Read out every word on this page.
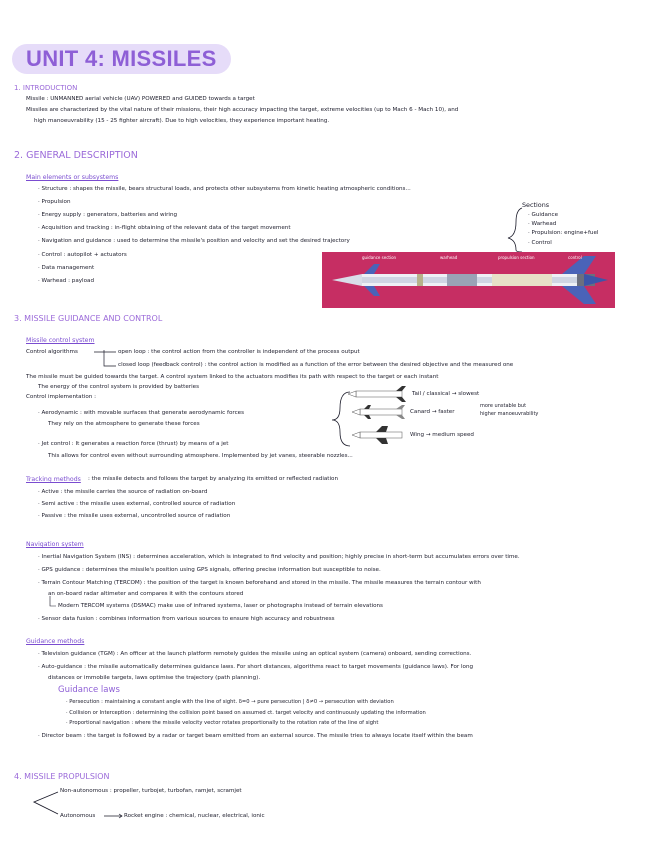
UNIT 4: MISSILES
1. INTRODUCTION
Missile : UNMANNED aerial vehicle (UAV) POWERED and GUIDED towards a target
Missiles are characterized by the vital nature of their missions, their high accuracy impacting the target, extreme velocities (up to Mach 6 - Mach 10), and
high manoeuvrability (15 - 25 fighter aircraft). Due to high velocities, they experience important heating.
2. GENERAL DESCRIPTION
Main elements or subsystems
· Structure : shapes the missile, bears structural loads, and protects other subsystems from kinetic heating atmospheric conditions...
· Propulsion
· Energy supply : generators, batteries and wiring
· Acquisition and tracking : in-flight obtaining of the relevant data of the target movement
· Navigation and guidance : used to determine the missile's position and velocity and set the desired trajectory
· Control : autopilot + actuators
· Data management
· Warhead : payload
Sections
· Guidance
· Warhead
· Propulsion: engine+fuel
· Control
guidance section	warhead	propulsion section	control
3. MISSILE GUIDANCE AND CONTROL
Missile control system
Control algorithms	open loop : the control action from the controller is independent of the process output
closed loop (feedback control) : the control action is modified as a function of the error between the desired objective and the measured one
The missile must be guided towards the target. A control system linked to the actuators modifies its path with respect to the target or each instant
The energy of the control system is provided by batteries
Control implementation :
· Aerodynamic : with movable surfaces that generate aerodynamic forces
They rely on the atmosphere to generate these forces
· Jet control : It generates a reaction force (thrust) by means of a jet
This allows for control even without surrounding atmosphere. Implemented by jet vanes, steerable nozzles...
Tail / classical → slowest
Canard → faster
more unstable but
higher manoeuvrability
Wing → medium speed
Tracking methods : the missile detects and follows the target by analyzing its emitted or reflected radiation
· Active : the missile carries the source of radiation on-board
· Semi active : the missile uses external, controlled source of radiation
· Passive : the missile uses external, uncontrolled source of radiation
Navigation system
· Inertial Navigation System (INS) : determines acceleration, which is integrated to find velocity and position; highly precise in short-term but accumulates errors over time.
· GPS guidance : determines the missile's position using GPS signals, offering precise information but susceptible to noise.
· Terrain Contour Matching (TERCOM) : the position of the target is known beforehand and stored in the missile. The missile measures the terrain contour with
an on-board radar altimeter and compares it with the contours stored
Modern TERCOM systems (DSMAC) make use of infrared systems, laser or photographs instead of terrain elevations
· Sensor data fusion : combines information from various sources to ensure high accuracy and robustness
Guidance methods
· Television guidance (TGM) : An officer at the launch platform remotely guides the missile using an optical system (camera) onboard, sending corrections.
· Auto-guidance : the missile automatically determines guidance laws. For short distances, algorithms react to target movements (guidance laws). For long
distances or immobile targets, laws optimise the trajectory (path planning).
Guidance laws
· Persecution : maintaining a constant angle with the line of sight. δ=0 → pure persecution | δ≠0 → persecution with deviation
· Collision or Interception : determining the collision point based on assumed ct. target velocity and continuously updating the information
· Proportional navigation : where the missile velocity vector rotates proportionally to the rotation rate of the line of sight
· Director beam : the target is followed by a radar or target beam emitted from an external source. The missile tries to always locate itself within the beam
4. MISSILE PROPULSION
Non-autonomous : propeller, turbojet, turbofan, ramjet, scramjet
Autonomous	Rocket engine : chemical, nuclear, electrical, ionic
